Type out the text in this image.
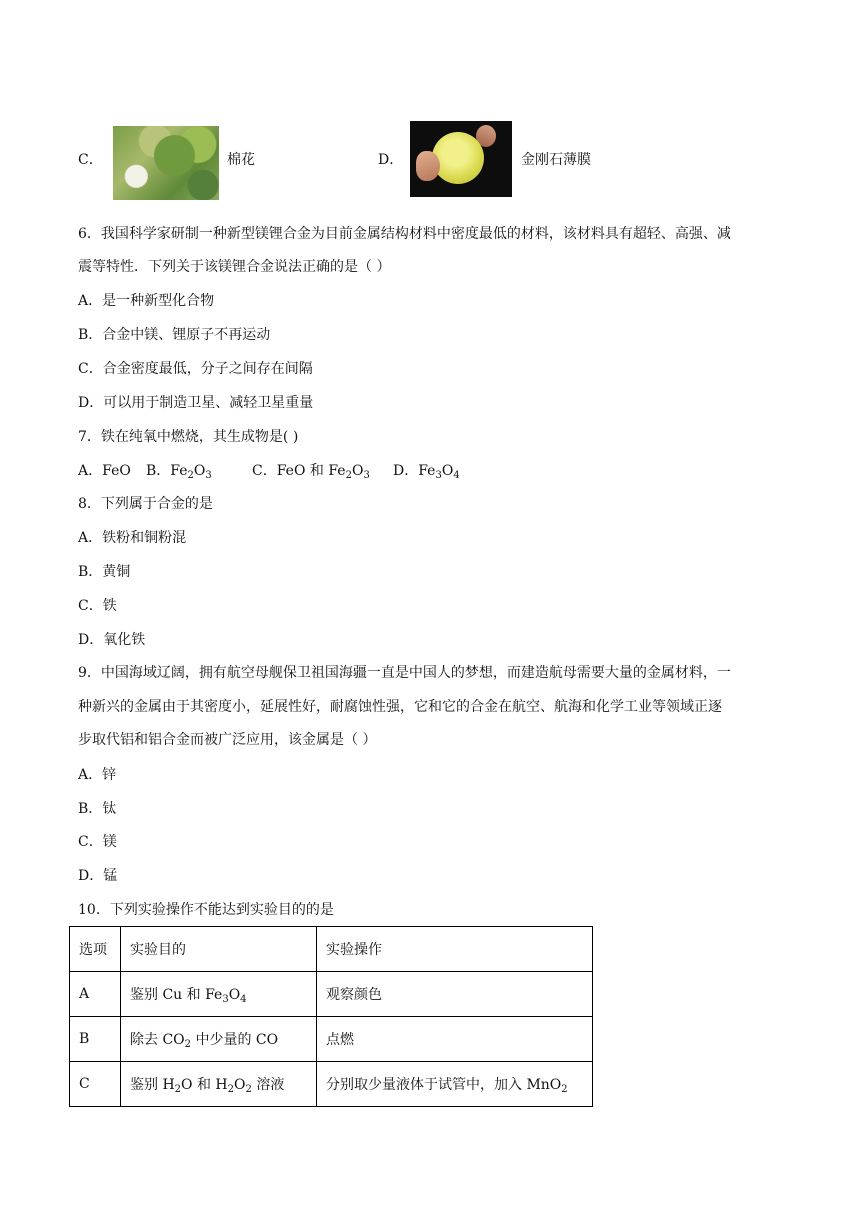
C．	棉花	D．	金刚石薄膜
6．我国科学家研制一种新型镁锂合金为目前金属结构材料中密度最低的材料，该材料具有超轻、高强、减
震等特性．下列关于该镁锂合金说法正确的是（ ）
A．是一种新型化合物
B．合金中镁、锂原子不再运动
C．合金密度最低，分子之间存在间隔
D．可以用于制造卫星、减轻卫星重量
7．铁在纯氧中燃烧，其生成物是( )
A．FeO B．$Fe_2O_3$	C．FeO 和 $Fe_2O_3$ D．$Fe_3O_4$
8．下列属于合金的是
A．铁粉和铜粉混
B．黄铜
C．铁
D．氧化铁
9．中国海域辽阔，拥有航空母舰保卫祖国海疆一直是中国人的梦想，而建造航母需要大量的金属材料，一
种新兴的金属由于其密度小，延展性好，耐腐蚀性强，它和它的合金在航空、航海和化学工业等领域正逐
步取代铝和铝合金而被广泛应用，该金属是（ ）
A．锌
B．钛
C．镁
D．锰
10．下列实验操作不能达到实验目的的是
选项	实验目的	实验操作
A	鉴别 Cu 和 $Fe_3O_4$	观察颜色
B	除去 $CO_2$ 中少量的 CO	点燃
C	鉴别 $H_2O$ 和 $H_2O_2$ 溶液	分别取少量液体于试管中，加入 MnO$_2$
